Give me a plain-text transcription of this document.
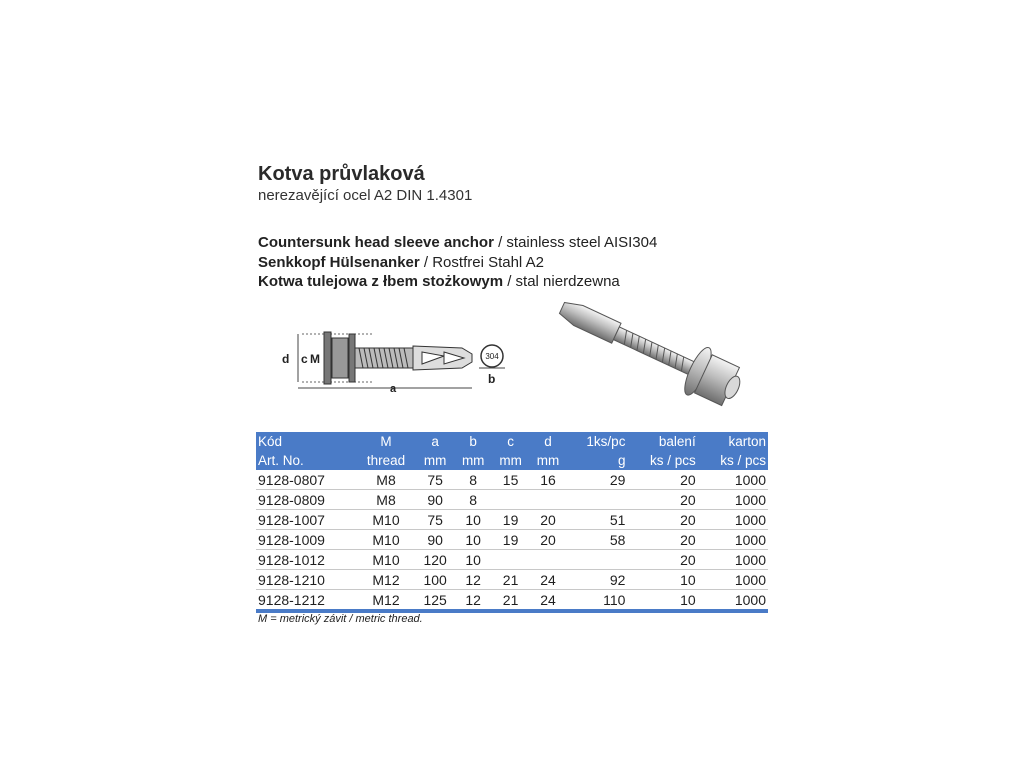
Kotva průvlaková
nerezavějící ocel A2 DIN 1.4301
Countersunk head sleeve anchor / stainless steel AISI304
Senkkopf Hülsenanker / Rostfrei Stahl A2
Kotwa tulejowa z łbem stożkowym / stal nierdzewna
a
d c M	304
b
Kód	M	a	b	c	d	1ks/pc	balení	karton
Art. No.	thread	mm	mm	mm	mm	g	ks / pcs	ks / pcs
9128-0807	M8	75	8	15	16	29	20	1000
9128-0809	M8	90	8				20	1000
9128-1007	M10	75	10	19	20	51	20	1000
9128-1009	M10	90	10	19	20	58	20	1000
9128-1012	M10	120	10				20	1000
9128-1210	M12	100	12	21	24	92	10	1000
9128-1212	M12	125	12	21	24	110	10	1000
M = metrický závit / metric thread.
